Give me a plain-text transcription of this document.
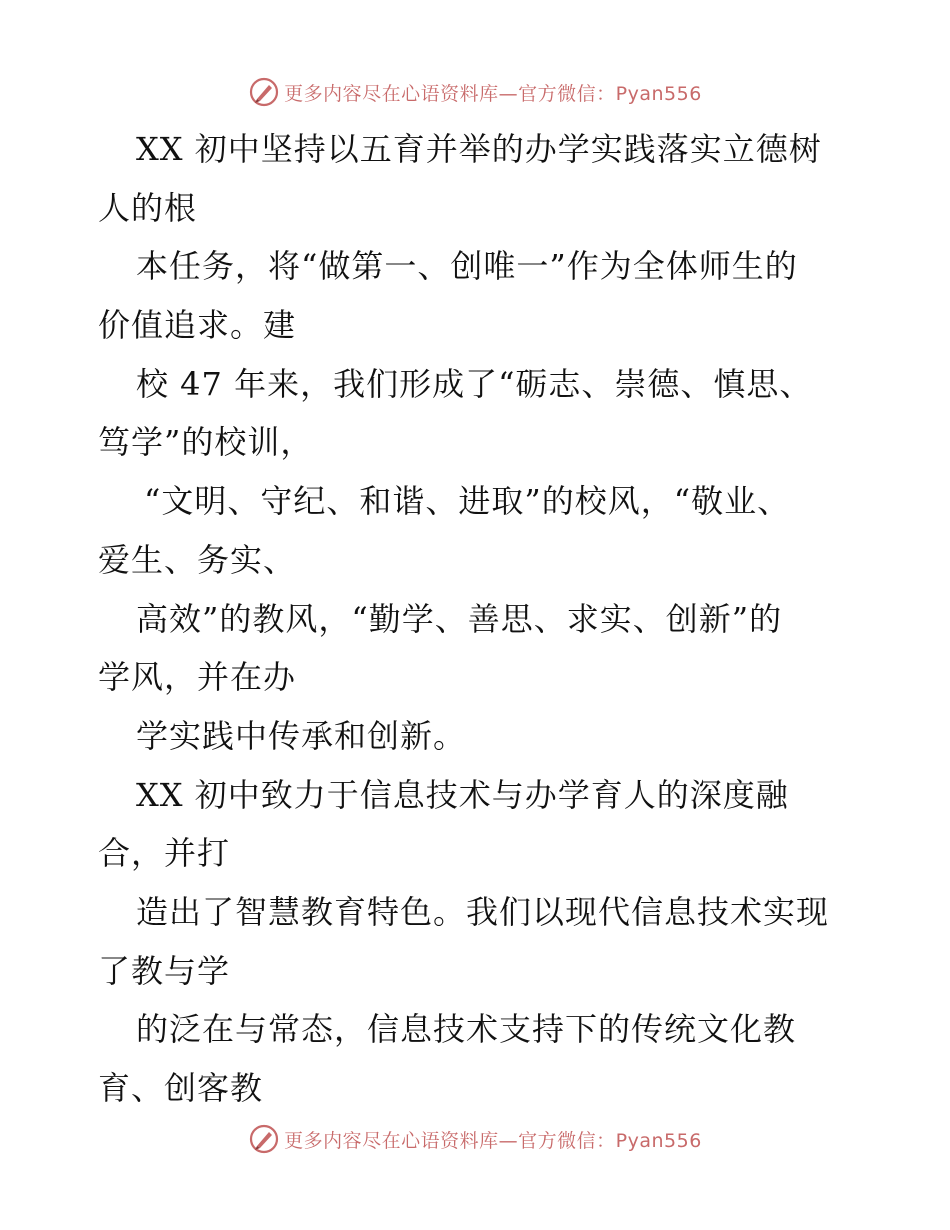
更多内容尽在心语资料库—官方微信：Pyan556
XX 初中坚持以五育并举的办学实践落实立德树
人的根
本任务，将“做第一、创唯一”作为全体师生的
价值追求。建
校 47 年来，我们形成了“砺志、崇德、慎思、
笃学”的校训，
“文明、守纪、和谐、进取”的校风，“敬业、
爱生、务实、
高效”的教风，“勤学、善思、求实、创新”的
学风，并在办
学实践中传承和创新。
XX 初中致力于信息技术与办学育人的深度融
合，并打
造出了智慧教育特色。我们以现代信息技术实现
了教与学
的泛在与常态，信息技术支持下的传统文化教
育、创客教
更多内容尽在心语资料库—官方微信：Pyan556
